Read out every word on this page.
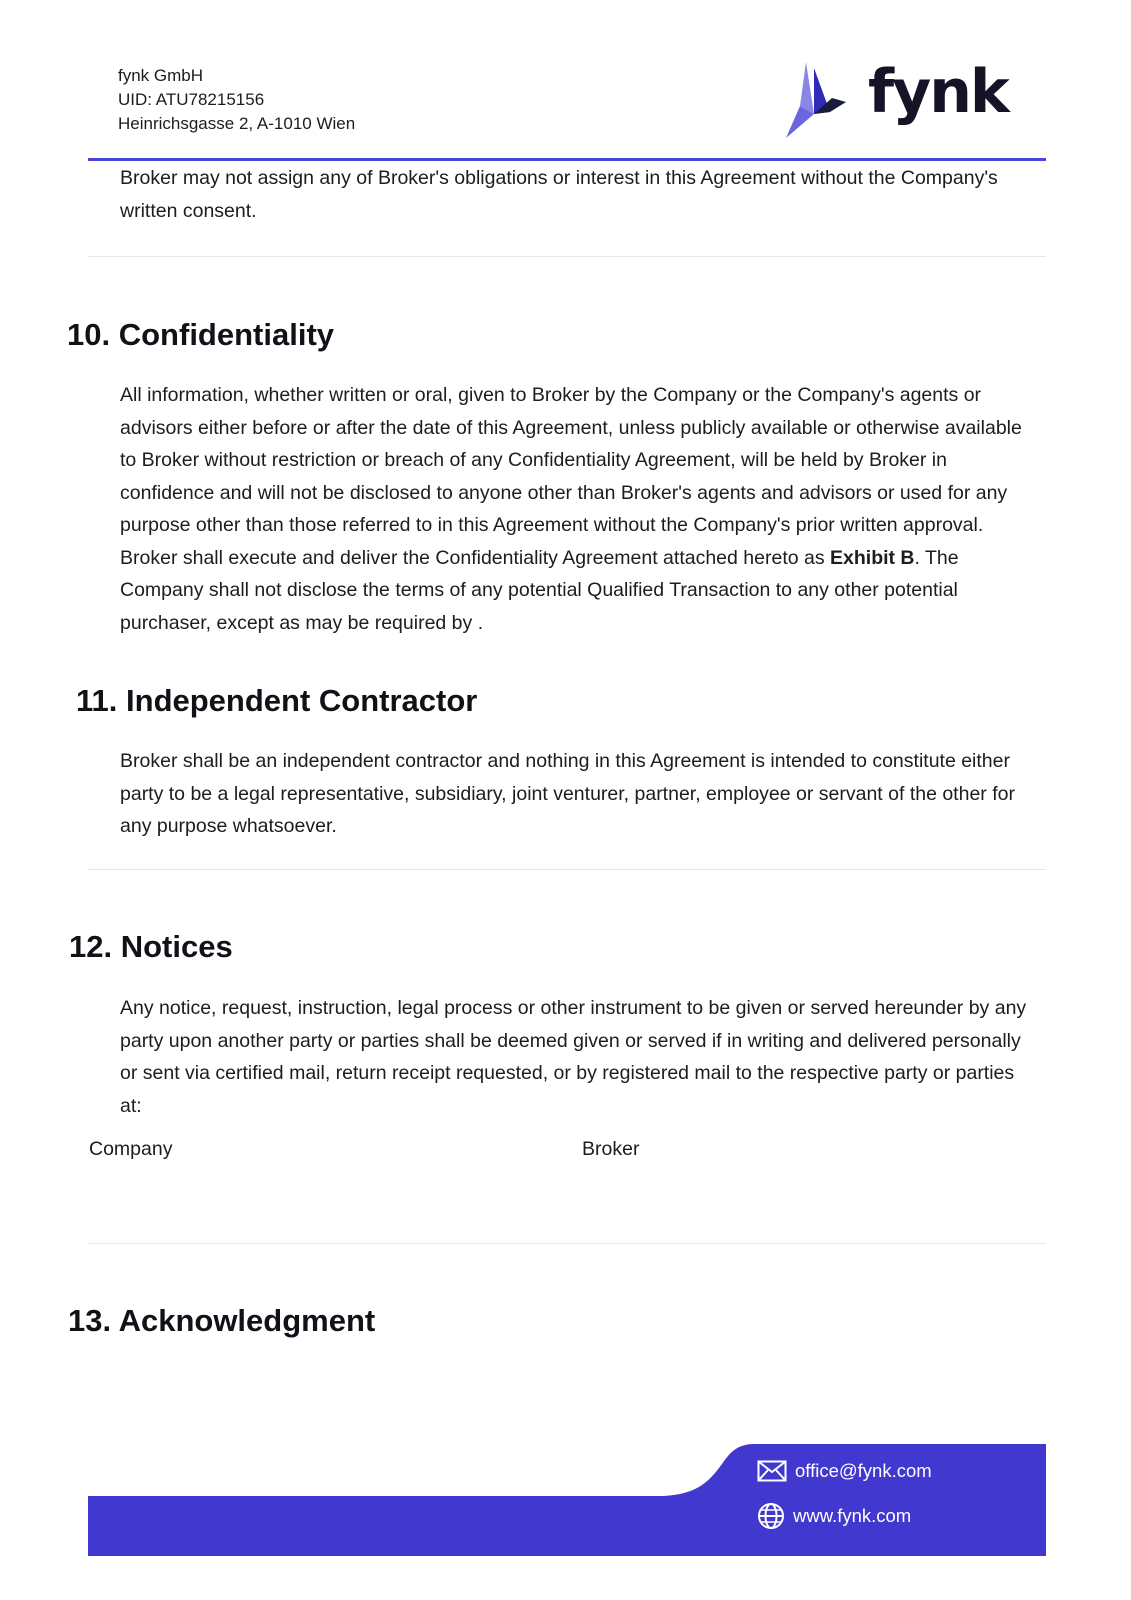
fynk GmbH
UID: ATU78215156
Heinrichsgasse 2, A-1010 Wien	fynk

Broker may not assign any of Broker's obligations or interest in this Agreement without the Company's written consent.

10. Confidentiality

All information, whether written or oral, given to Broker by the Company or the Company's agents or advisors either before or after the date of this Agreement, unless publicly available or otherwise available to Broker without restriction or breach of any Confidentiality Agreement, will be held by Broker in confidence and will not be disclosed to anyone other than Broker's agents and advisors or used for any purpose other than those referred to in this Agreement without the Company's prior written approval. Broker shall execute and deliver the Confidentiality Agreement attached hereto as Exhibit B. The Company shall not disclose the terms of any potential Qualified Transaction to any other potential purchaser, except as may be required by .

11. Independent Contractor

Broker shall be an independent contractor and nothing in this Agreement is intended to constitute either party to be a legal representative, subsidiary, joint venturer, partner, employee or servant of the other for any purpose whatsoever.

12. Notices

Any notice, request, instruction, legal process or other instrument to be given or served hereunder by any party upon another party or parties shall be deemed given or served if in writing and delivered personally or sent via certified mail, return receipt requested, or by registered mail to the respective party or parties at:

Company	Broker
13. Acknowledgment
office@fynk.com
www.fynk.com
